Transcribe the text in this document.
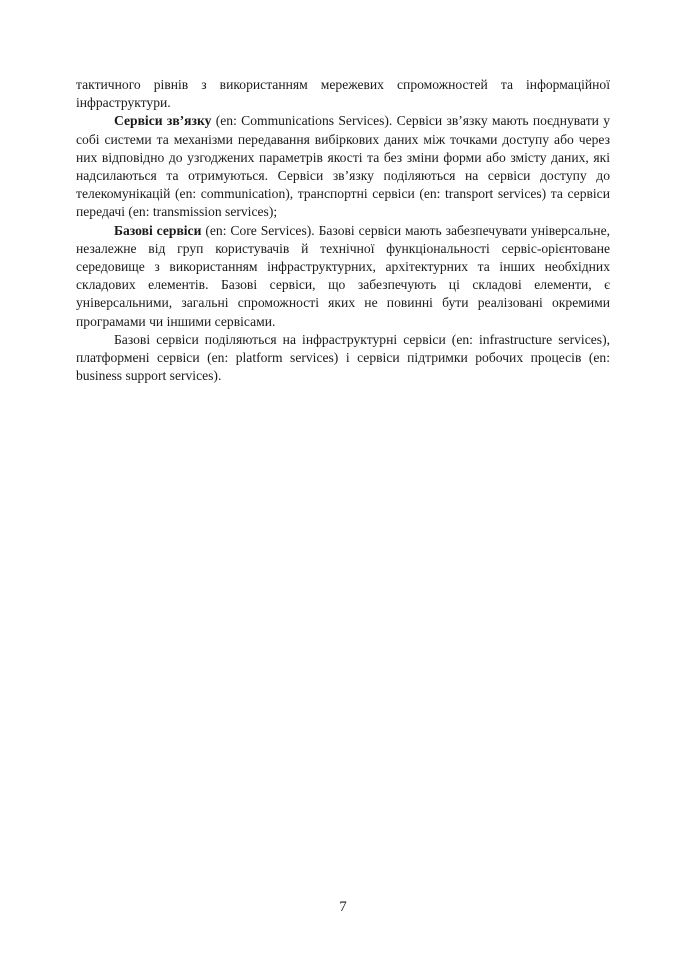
тактичного рівнів з використанням мережевих спроможностей та інформаційної інфраструктури.

Сервіси зв’язку (en: Communications Services). Сервіси зв’язку мають поєднувати у собі системи та механізми передавання вибіркових даних між точками доступу або через них відповідно до узгоджених параметрів якості та без зміни форми або змісту даних, які надсилаються та отримуються. Сервіси зв’язку поділяються на сервіси доступу до телекомунікацій (en: communication), транспортні сервіси (en: transport services) та сервіси передачі (en: transmission services);

Базові сервіси (en: Core Services). Базові сервіси мають забезпечувати універсальне, незалежне від груп користувачів й технічної функціональності сервіс-орієнтоване середовище з використанням інфраструктурних, архітектурних та інших необхідних складових елементів. Базові сервіси, що забезпечують ці складові елементи, є універсальними, загальні спроможності яких не повинні бути реалізовані окремими програмами чи іншими сервісами.

Базові сервіси поділяються на інфраструктурні сервіси (en: infrastructure services), платформені сервіси (en: platform services) і сервіси підтримки робочих процесів (en: business support services).

7
